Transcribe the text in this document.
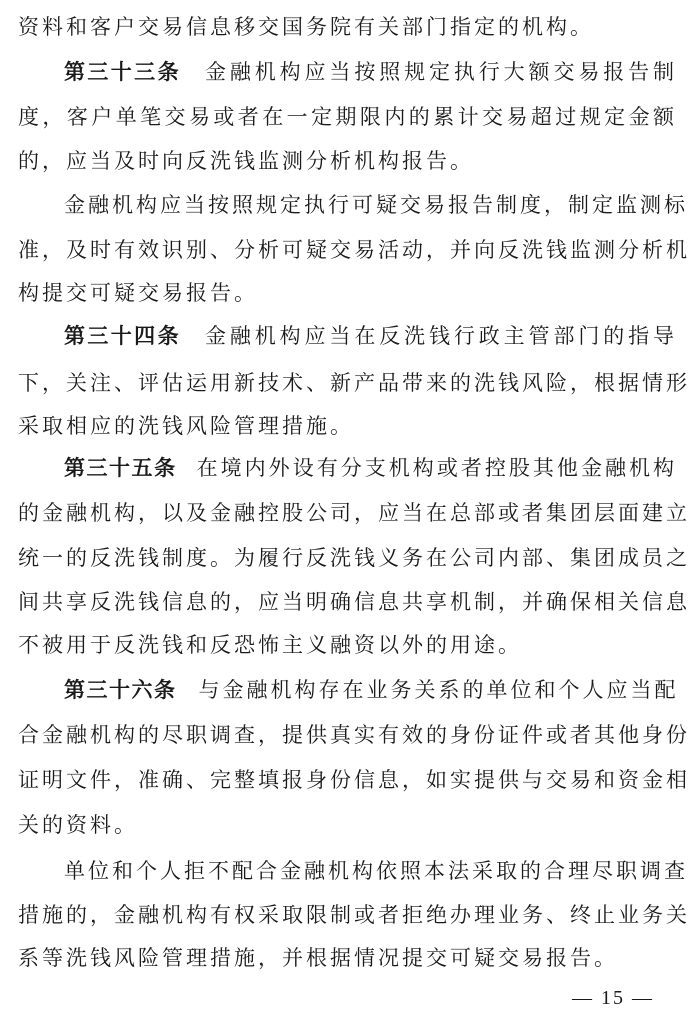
资料和客户交易信息移交国务院有关部门指定的机构。
第三十三条 金融机构应当按照规定执行大额交易报告制
度，客户单笔交易或者在一定期限内的累计交易超过规定金额
的，应当及时向反洗钱监测分析机构报告。
金融机构应当按照规定执行可疑交易报告制度，制定监测标
准，及时有效识别、分析可疑交易活动，并向反洗钱监测分析机
构提交可疑交易报告。
第三十四条 金融机构应当在反洗钱行政主管部门的指导
下，关注、评估运用新技术、新产品带来的洗钱风险，根据情形
采取相应的洗钱风险管理措施。
第三十五条 在境内外设有分支机构或者控股其他金融机构
的金融机构，以及金融控股公司，应当在总部或者集团层面建立
统一的反洗钱制度。为履行反洗钱义务在公司内部、集团成员之
间共享反洗钱信息的，应当明确信息共享机制，并确保相关信息
不被用于反洗钱和反恐怖主义融资以外的用途。
第三十六条 与金融机构存在业务关系的单位和个人应当配
合金融机构的尽职调查，提供真实有效的身份证件或者其他身份
证明文件，准确、完整填报身份信息，如实提供与交易和资金相
关的资料。
单位和个人拒不配合金融机构依照本法采取的合理尽职调查
措施的，金融机构有权采取限制或者拒绝办理业务、终止业务关
系等洗钱风险管理措施，并根据情况提交可疑交易报告。
— 15 —
